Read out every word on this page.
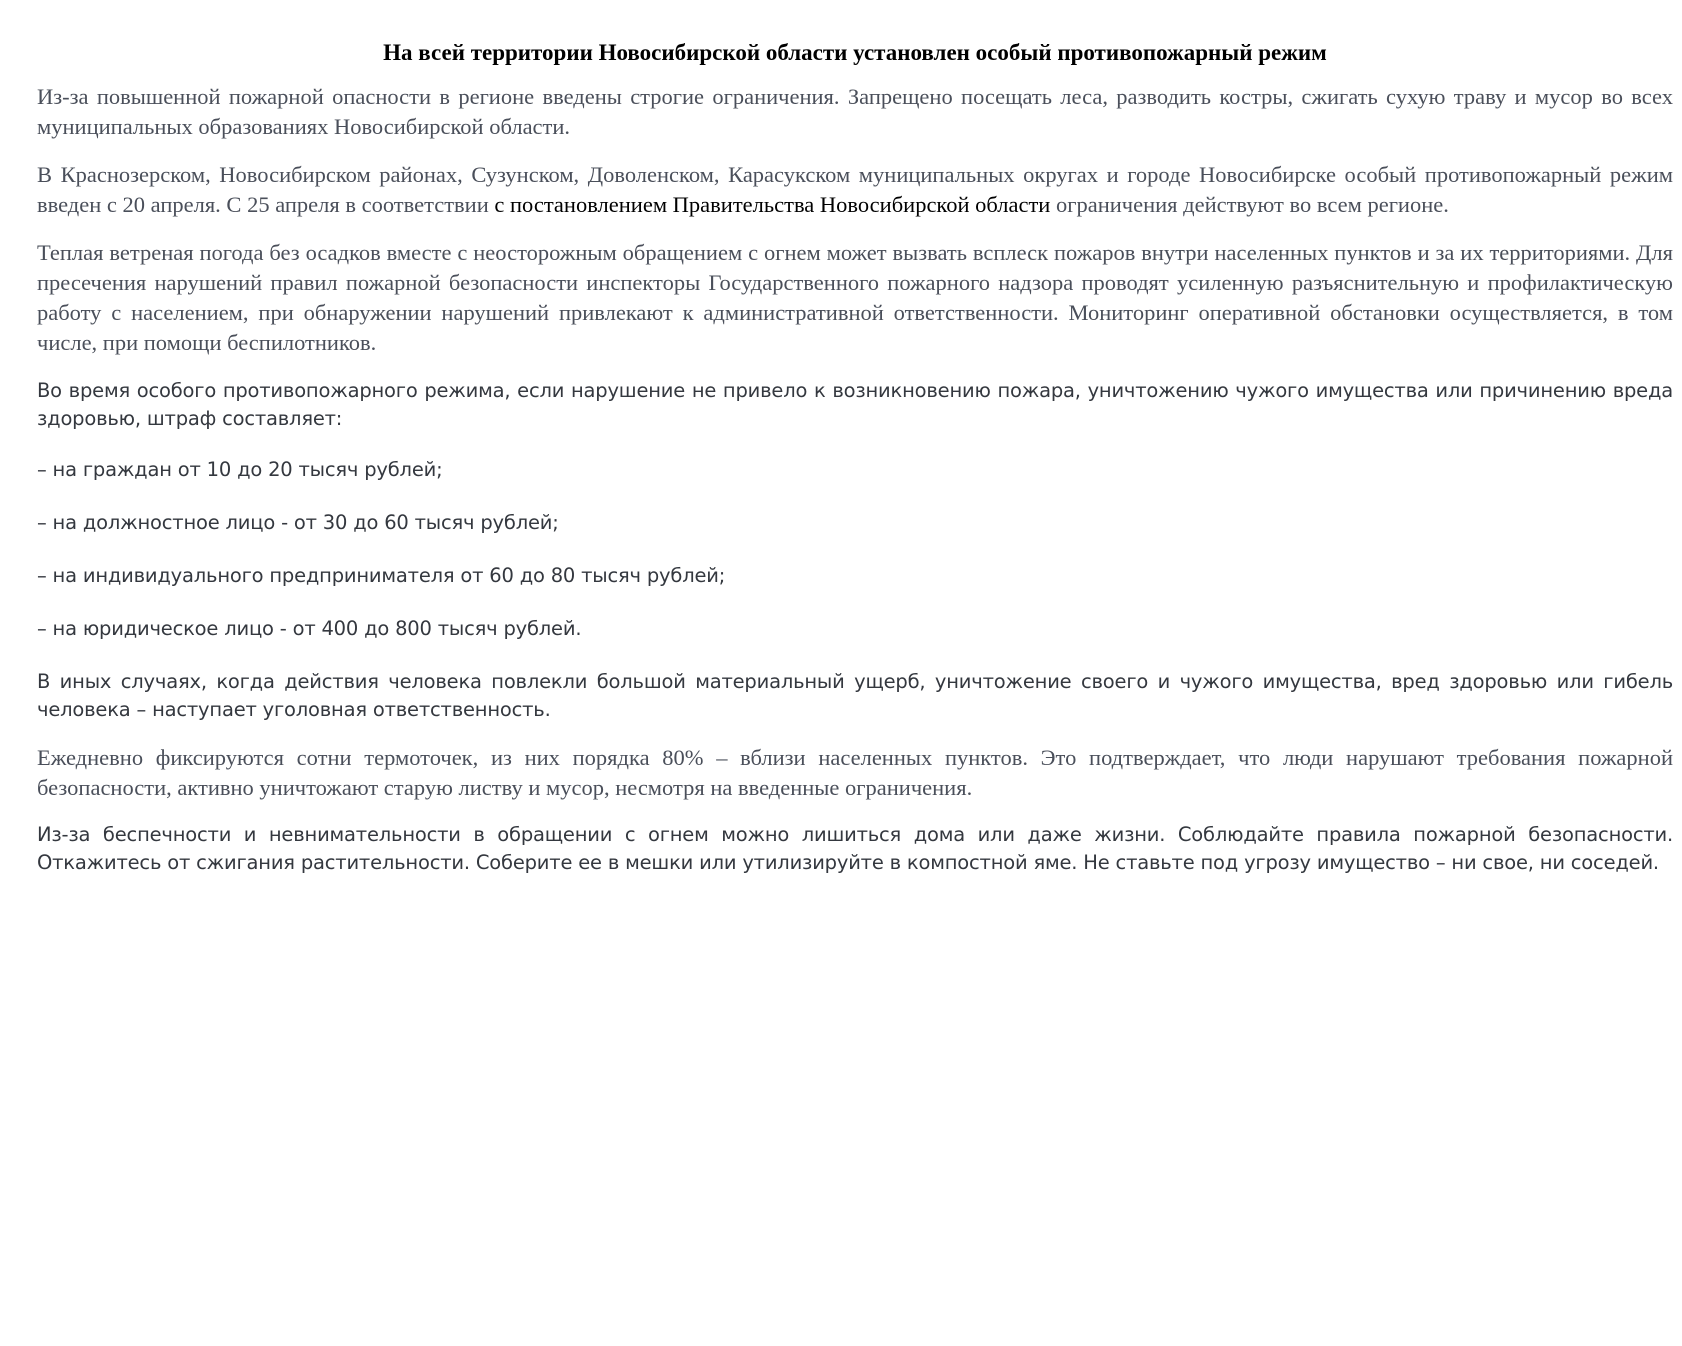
На всей территории Новосибирской области установлен особый противопожарный режим

Из-за повышенной пожарной опасности в регионе введены строгие ограничения. Запрещено посещать леса, разводить костры, сжигать сухую траву и мусор во всех муниципальных образованиях Новосибирской области.

В Краснозерском, Новосибирском районах, Сузунском, Доволенском, Карасукском муниципальных округах и городе Новосибирске особый противопожарный режим введен с 20 апреля. С 25 апреля в соответствии с постановлением Правительства Новосибирской области ограничения действуют во всем регионе.

Теплая ветреная погода без осадков вместе с неосторожным обращением с огнем может вызвать всплеск пожаров внутри населенных пунктов и за их территориями. Для пресечения нарушений правил пожарной безопасности инспекторы Государственного пожарного надзора проводят усиленную разъяснительную и профилактическую работу с населением, при обнаружении нарушений привлекают к административной ответственности. Мониторинг оперативной обстановки осуществляется, в том числе, при помощи беспилотников.

Во время особого противопожарного режима, если нарушение не привело к возникновению пожара, уничтожению чужого имущества или причинению вреда здоровью, штраф составляет:

– на граждан от 10 до 20 тысяч рублей;

– на должностное лицо - от 30 до 60 тысяч рублей;

– на индивидуального предпринимателя от 60 до 80 тысяч рублей;

– на юридическое лицо - от 400 до 800 тысяч рублей.

В иных случаях, когда действия человека повлекли большой материальный ущерб, уничтожение своего и чужого имущества, вред здоровью или гибель человека – наступает уголовная ответственность.

Ежедневно фиксируются сотни термоточек, из них порядка 80% – вблизи населенных пунктов. Это подтверждает, что люди нарушают требования пожарной безопасности, активно уничтожают старую листву и мусор, несмотря на введенные ограничения.

Из-за беспечности и невнимательности в обращении с огнем можно лишиться дома или даже жизни. Соблюдайте правила пожарной безопасности. Откажитесь от сжигания растительности. Соберите ее в мешки или утилизируйте в компостной яме. Не ставьте под угрозу имущество – ни свое, ни соседей.
